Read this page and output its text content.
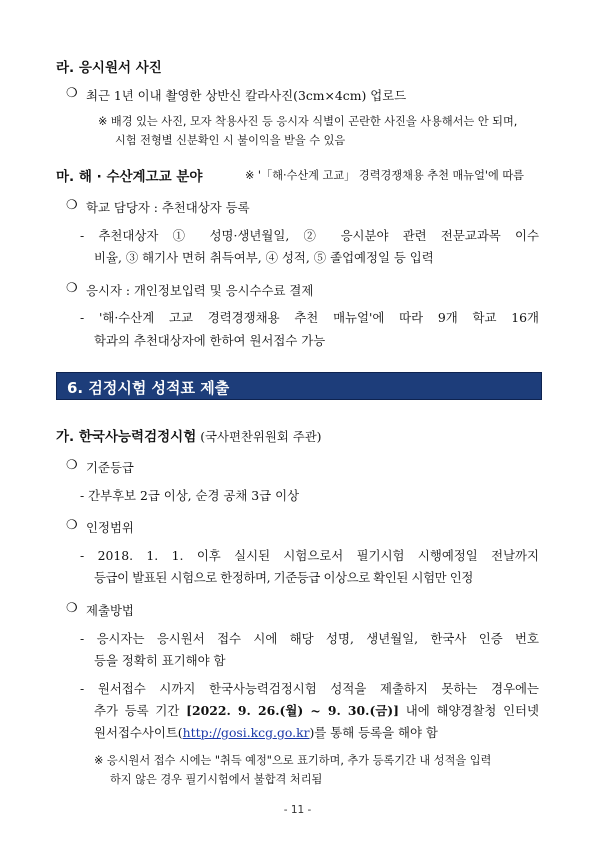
라. 응시원서 사진
❍ 최근 1년 이내 촬영한 상반신 칼라사진(3cm×4cm) 업로드
※ 배경 있는 사진, 모자 착용사진 등 응시자 식별이 곤란한 사진을 사용해서는 안 되며,
시험 전형별 신분확인 시 불이익을 받을 수 있음
마. 해 · 수산계고교 분야	※ '「해·수산계 고교」 경력경쟁채용 추천 매뉴얼'에 따름
❍ 학교 담당자 : 추천대상자 등록
- 추천대상자 ① 성명·생년월일, ② 응시분야 관련 전문교과목 이수
비율, ③ 해기사 면허 취득여부, ④ 성적, ⑤ 졸업예정일 등 입력
❍ 응시자 : 개인정보입력 및 응시수수료 결제
- '해·수산계 고교 경력경쟁채용 추천 매뉴얼'에 따라 9개 학교 16개
학과의 추천대상자에 한하여 원서접수 가능
6. 검정시험 성적표 제출
가. 한국사능력검정시험 (국사편찬위원회 주관)
❍ 기준등급
- 간부후보 2급 이상, 순경 공채 3급 이상
❍ 인정범위
- 2018. 1. 1. 이후 실시된 시험으로서 필기시험 시행예정일 전날까지
등급이 발표된 시험으로 한정하며, 기준등급 이상으로 확인된 시험만 인정
❍ 제출방법
- 응시자는 응시원서 접수 시에 해당 성명, 생년월일, 한국사 인증 번호
등을 정확히 표기해야 함
- 원서접수 시까지 한국사능력검정시험 성적을 제출하지 못하는 경우에는
추가 등록 기간 [2022. 9. 26.(월) ~ 9. 30.(금)] 내에 해양경찰청 인터넷
원서접수사이트(http://gosi.kcg.go.kr)를 통해 등록을 해야 함
※ 응시원서 접수 시에는 "취득 예정"으로 표기하며, 추가 등록기간 내 성적을 입력
하지 않은 경우 필기시험에서 불합격 처리됨
- 11 -
